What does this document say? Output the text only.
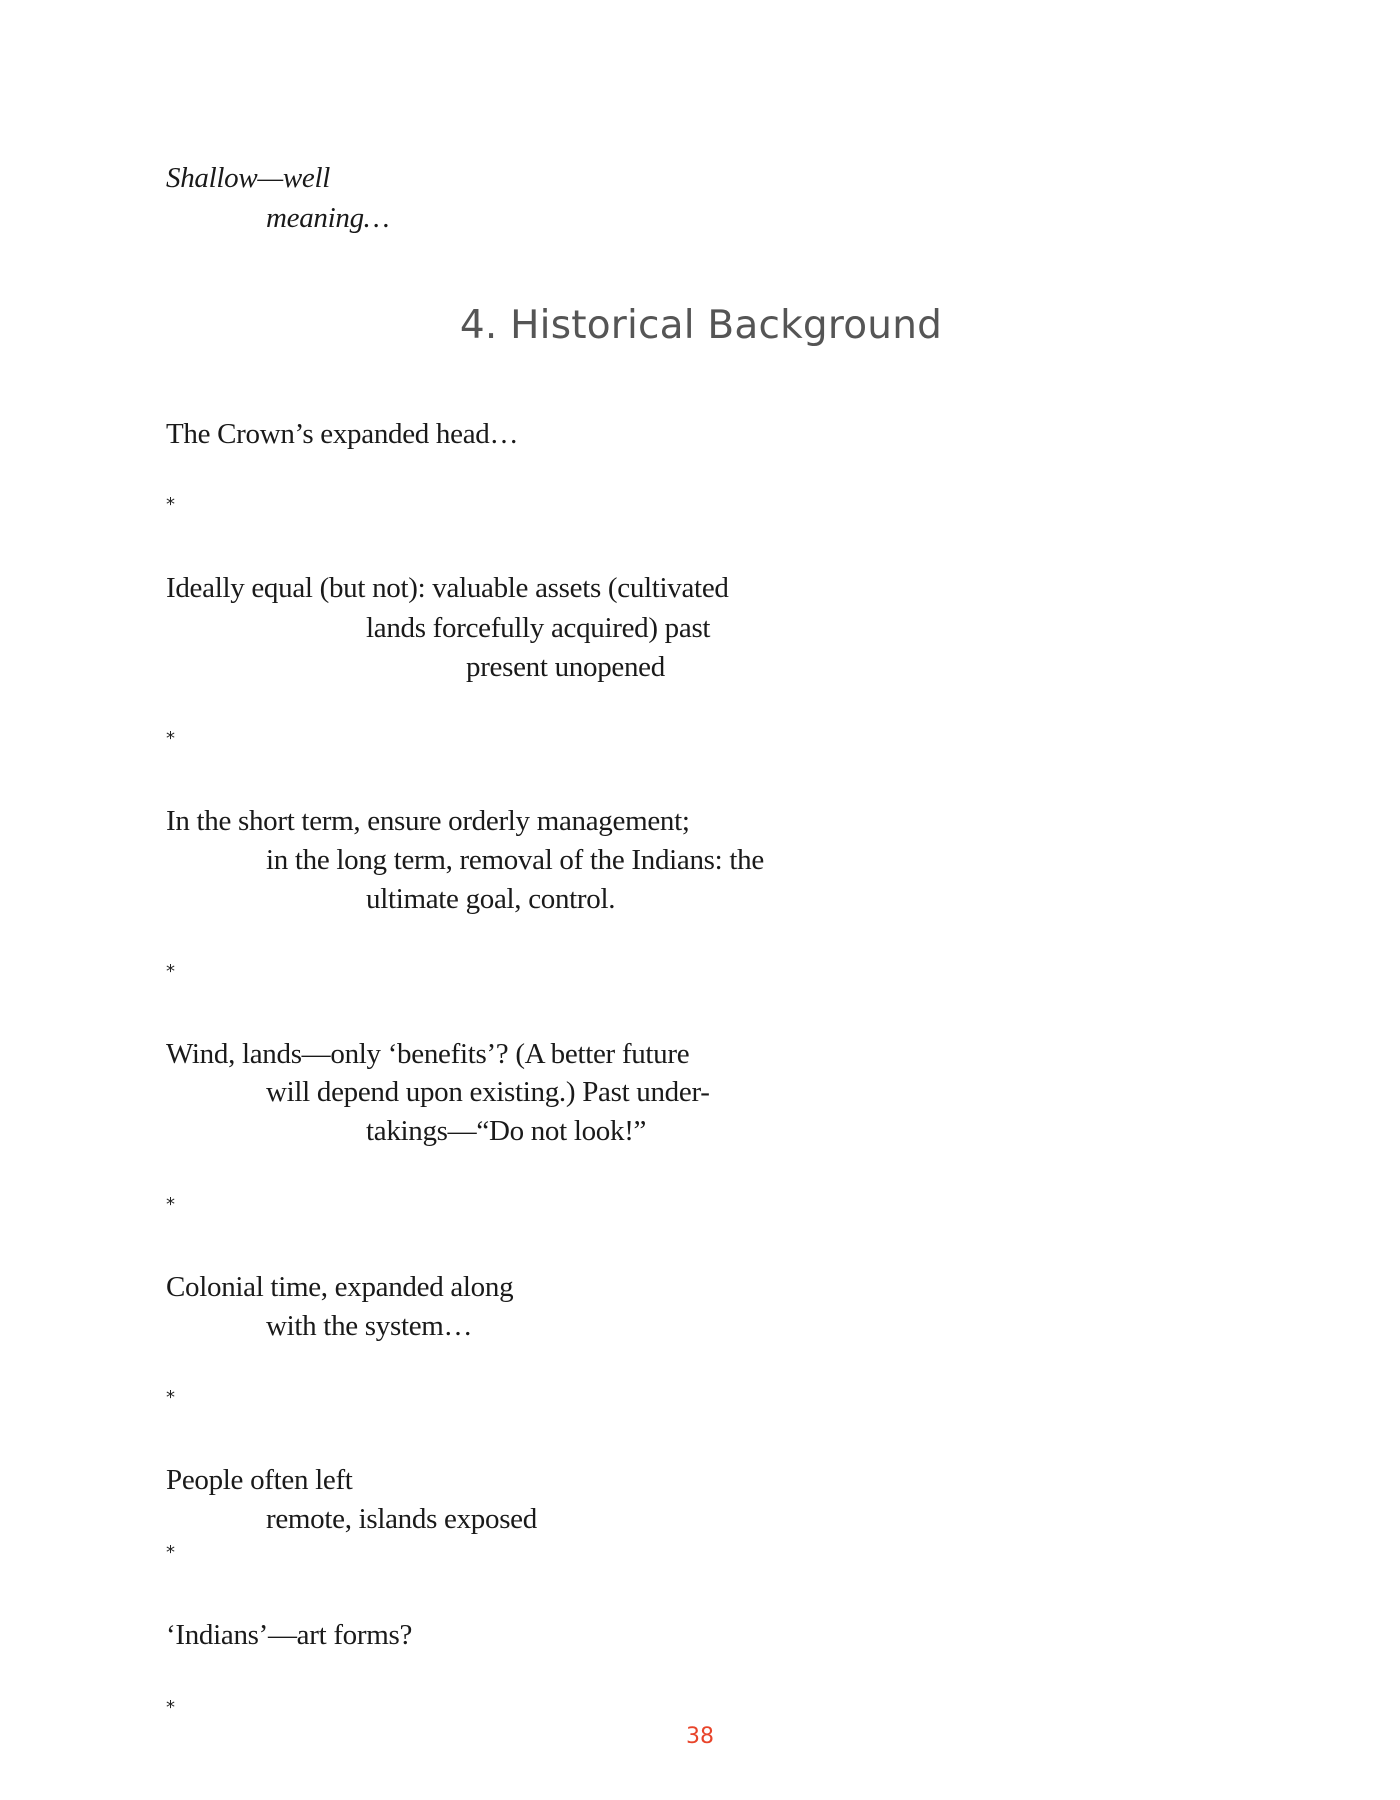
Shallow—well
meaning…
4. Historical Background
The Crown’s expanded head…
*
Ideally equal (but not): valuable assets (cultivated
lands forcefully acquired) past
present unopened
*
In the short term, ensure orderly management;
in the long term, removal of the Indians: the
ultimate goal, control.
*
Wind, lands—only ‘benefits’? (A better future
will depend upon existing.) Past under-
takings—“Do not look!”
*
Colonial time, expanded along
with the system…
*
People often left
remote, islands exposed
*
‘Indians’—art forms?
*
38
